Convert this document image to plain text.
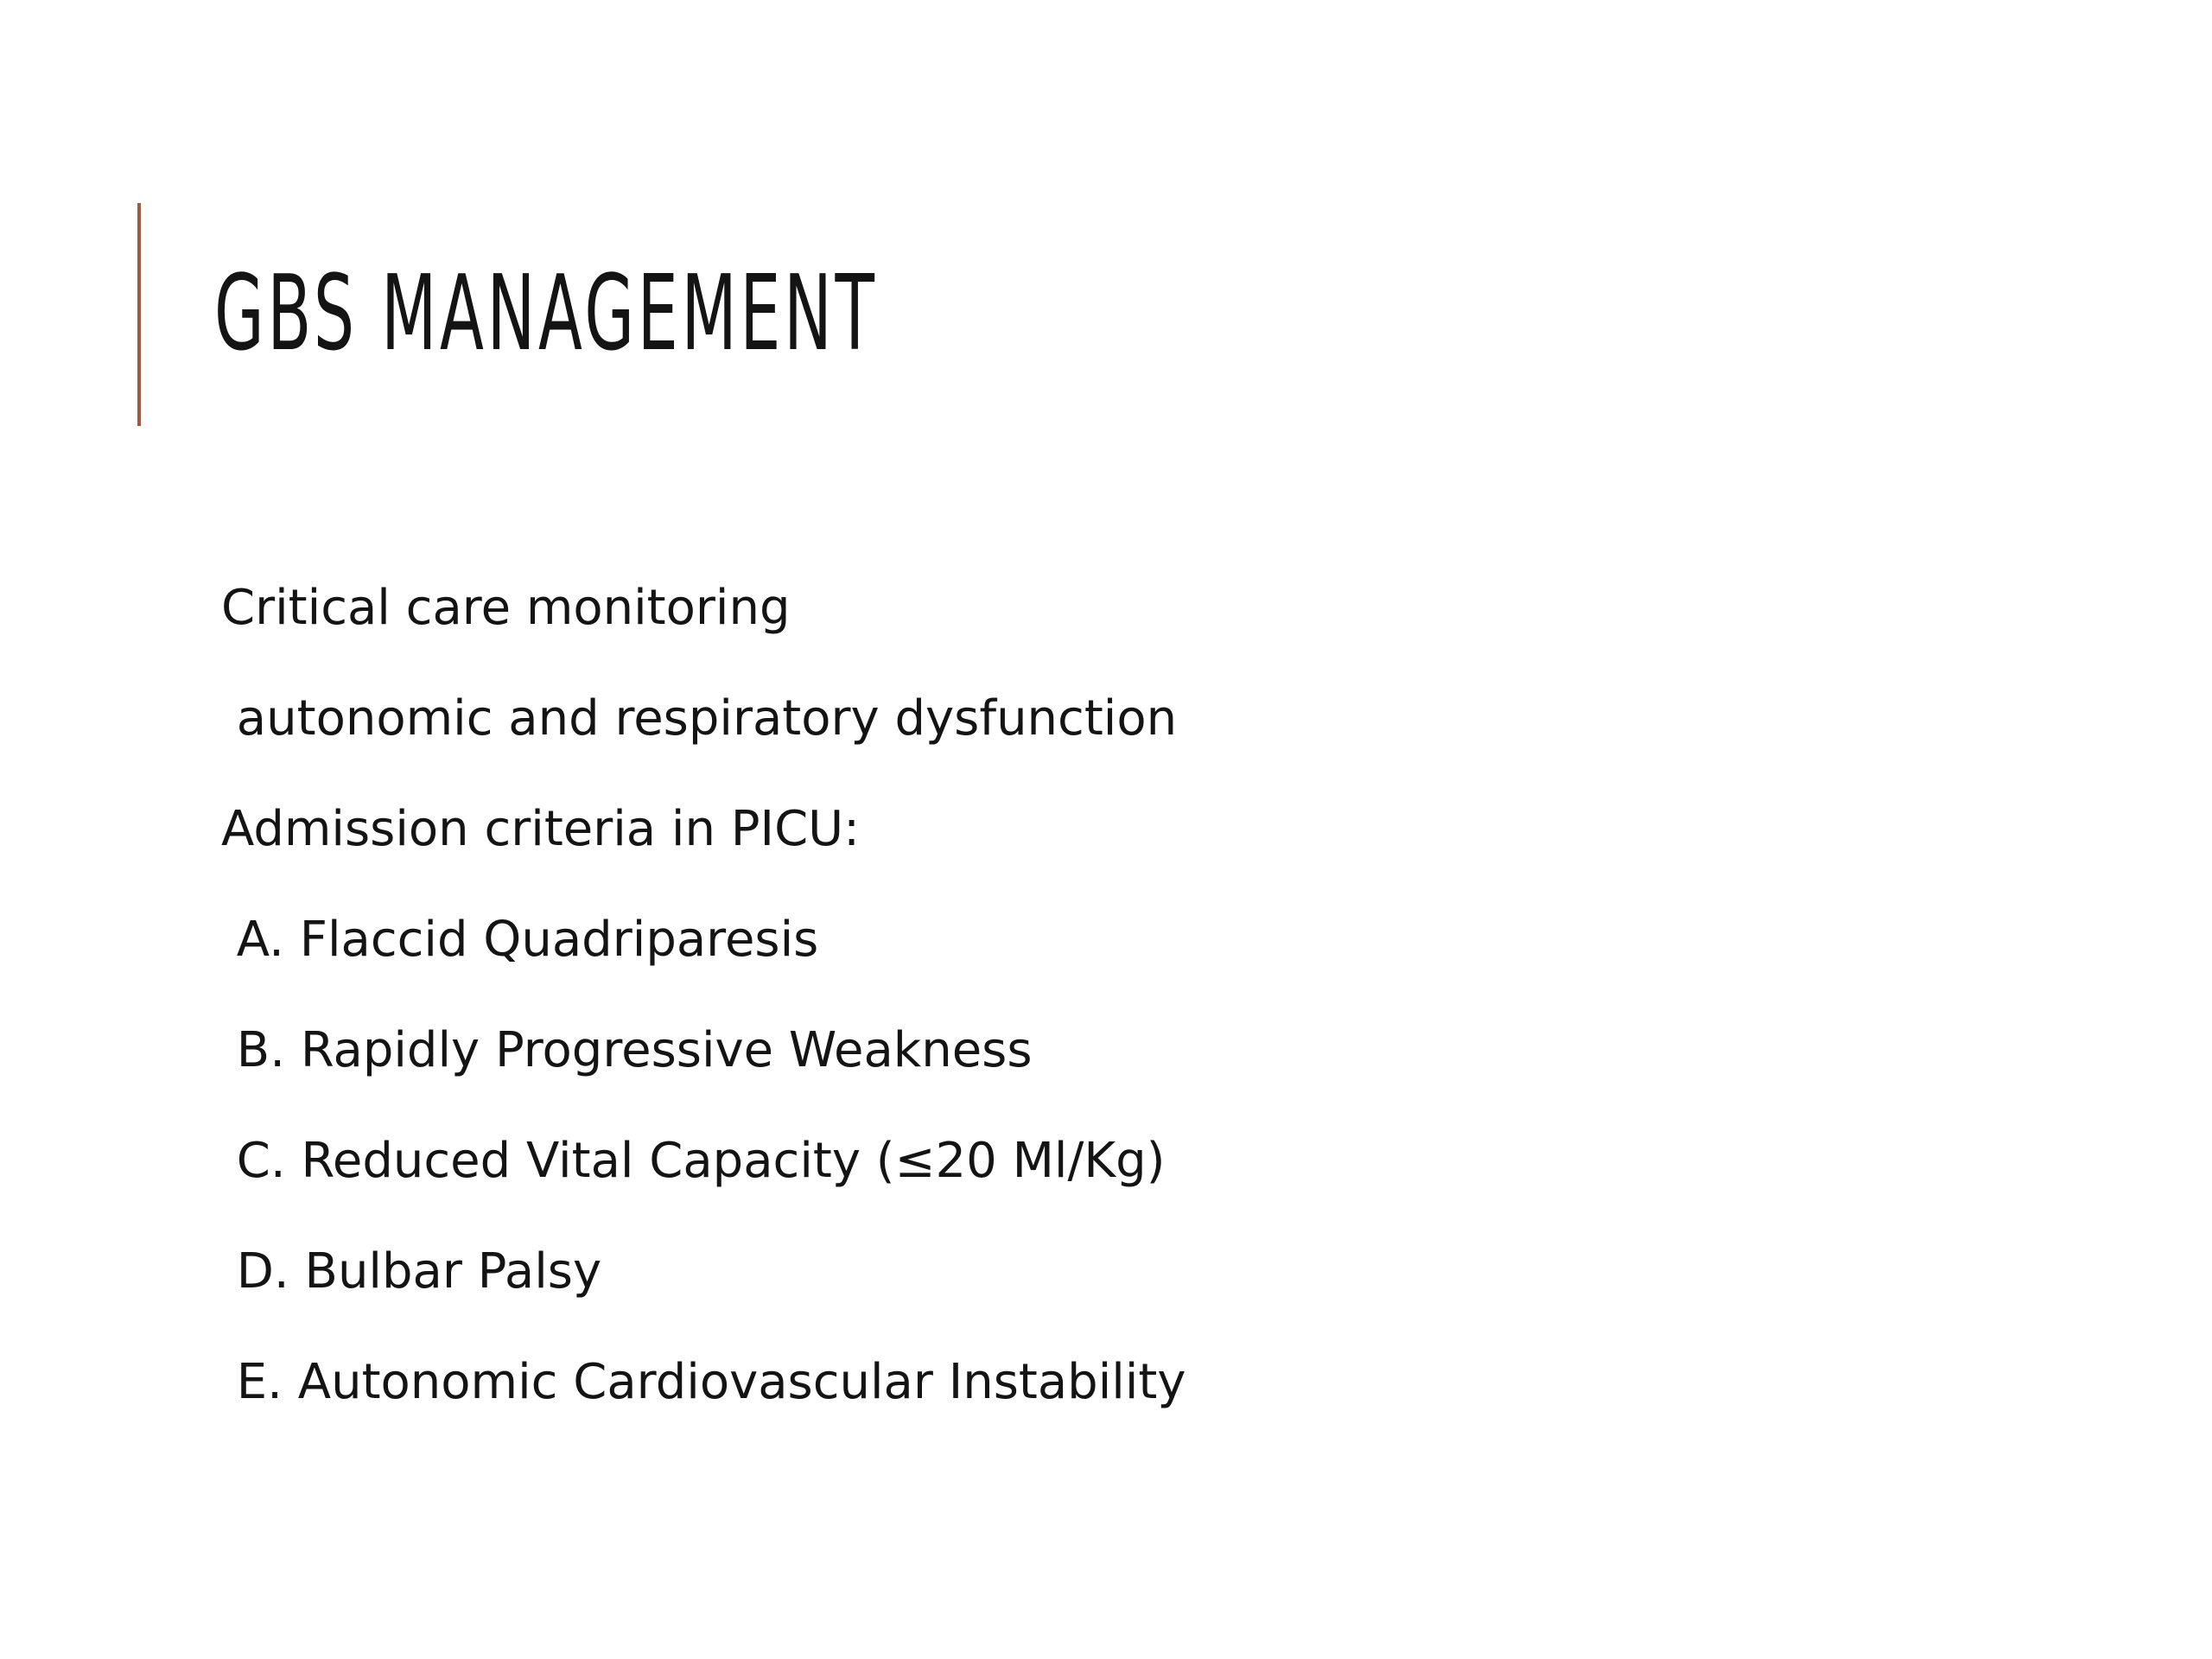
GBS MANAGEMENT
Critical care monitoring
autonomic and respiratory dysfunction
Admission criteria in PICU:
A. Flaccid Quadriparesis
B. Rapidly Progressive Weakness
C. Reduced Vital Capacity (≤20 Ml/Kg)
D. Bulbar Palsy
E. Autonomic Cardiovascular Instability
